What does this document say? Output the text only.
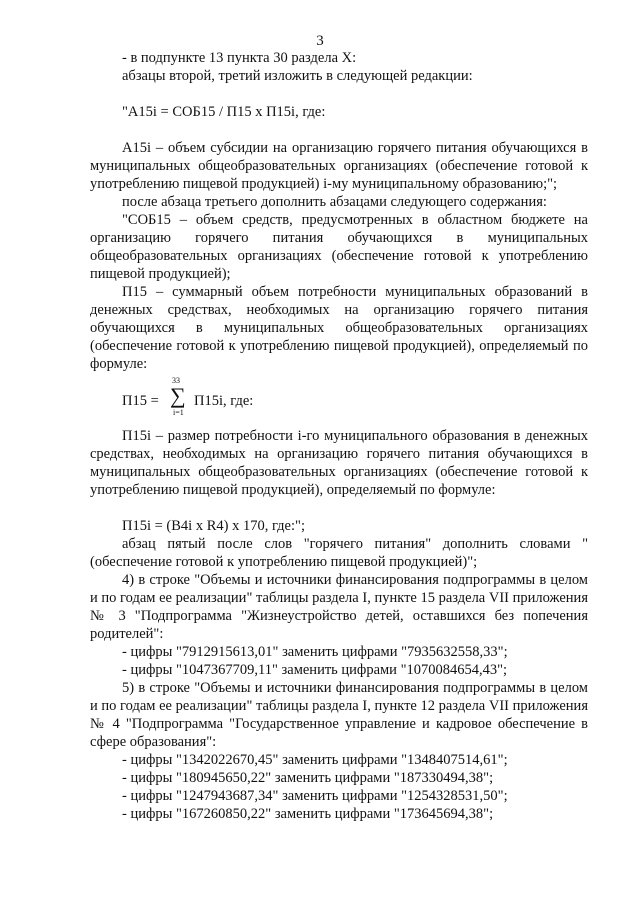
3

- в подпункте 13 пункта 30 раздела X:

абзацы второй, третий изложить в следующей редакции:

"A15i = СОБ15 / П15 x П15i, где:

A15i – объем субсидии на организацию горячего питания обучающихся в муниципальных общеобразовательных организациях (обеспечение готовой к употреблению пищевой продукцией) i-му муниципальному образованию;";

после абзаца третьего дополнить абзацами следующего содержания:

"СОБ15 – объем средств, предусмотренных в областном бюджете на организацию горячего питания обучающихся в муниципальных общеобразовательных организациях (обеспечение готовой к употреблению пищевой продукцией);

П15 – суммарный объем потребности муниципальных образований в денежных средствах, необходимых на организацию горячего питания обучающихся в муниципальных общеобразовательных организациях (обеспечение готовой к употреблению пищевой продукцией), определяемый по формуле:

П15 =
33
∑
i=1
П15i, где:

П15i – размер потребности i-го муниципального образования в денежных средствах, необходимых на организацию горячего питания обучающихся в муниципальных общеобразовательных организациях (обеспечение готовой к употреблению пищевой продукцией), определяемый по формуле:

П15i = (B4i x R4) x 170, где:";

абзац пятый после слов "горячего питания" дополнить словами "(обеспечение готовой к употреблению пищевой продукцией)";

4) в строке "Объемы и источники финансирования подпрограммы в целом и по годам ее реализации" таблицы раздела I, пункте 15 раздела VII приложения № 3 "Подпрограмма "Жизнеустройство детей, оставшихся без попечения родителей":

- цифры "7912915613,01" заменить цифрами "7935632558,33";

- цифры "1047367709,11" заменить цифрами "1070084654,43";

5) в строке "Объемы и источники финансирования подпрограммы в целом и по годам ее реализации" таблицы раздела I, пункте 12 раздела VII приложения № 4 "Подпрограмма "Государственное управление и кадровое обеспечение в сфере образования":

- цифры "1342022670,45" заменить цифрами "1348407514,61";

- цифры "180945650,22" заменить цифрами "187330494,38";

- цифры "1247943687,34" заменить цифрами "1254328531,50";

- цифры "167260850,22" заменить цифрами "173645694,38";
